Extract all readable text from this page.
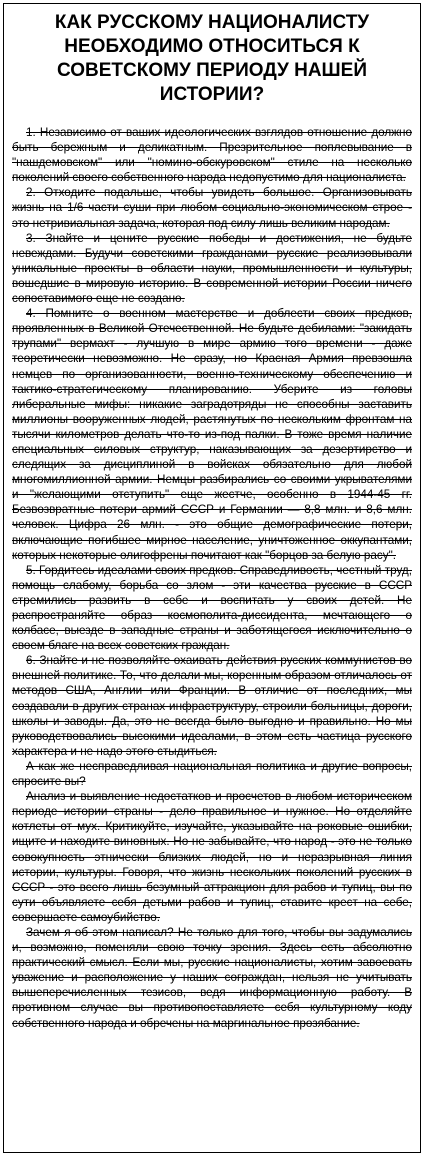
КАК РУССКОМУ НАЦИОНАЛИСТУ НЕОБХОДИМО ОТНОСИТЬСЯ К СОВЕТСКОМУ ПЕРИОДУ НАШЕЙ ИСТОРИИ?

1. Независимо от ваших идеологических взглядов отношение должно быть бережным и деликатным. Презрительное поплевывание в "нашдемовском" или "номино-обскуровском" стиле на несколько поколений своего собственного народа недопустимо для националиста.

2. Отходите подальше, чтобы увидеть большое. Организовывать жизнь на 1/6 части суши при любом социально-экономическом строе - это нетривиальная задача, которая под силу лишь великим народам.

3. Знайте и цените русские победы и достижения, не будьте невеждами. Будучи советскими гражданами русские реализовывали уникальные проекты в области науки, промышленности и культуры, вошедшие в мировую историю. В современной истории России ничего сопоставимого еще не создано.

4. Помните о военном мастерстве и доблести своих предков, проявленных в Великой Отечественной. Не будьте дебилами: "закидать трупами" вермахт - лучшую в мире армию того времени - даже теоретически невозможно. Не сразу, но Красная Армия превзошла немцев по организованности, военно-техническому обеспечению и тактико-стратегическому планированию. Уберите из головы либеральные мифы: никакие заградотряды не способны заставить миллионы вооруженных людей, растянутых по нескольким фронтам на тысячи километров делать что-то из-под палки. В тоже время наличие специальных силовых структур, наказывающих за дезертирство и следящих за дисциплиной в войсках обязательно для любой многомиллионной армии. Немцы разбирались со своими укрывателями и "желающими отступить" еще жестче, особенно в 1944-45 гг. Безвозвратные потери армий СССР и Германии — 8,8 млн. и 8,6 млн. человек. Цифра 26 млн. - это общие демографические потери, включающие погибшее мирное население, уничтоженное оккупантами, которых некоторые олигофрены почитают как "борцов за белую расу".

5. Гордитесь идеалами своих предков. Справедливость, честный труд, помощь слабому, борьба со злом - эти качества русские в СССР стремились развить в себе и воспитать у своих детей. Не распространяйте образ космополита-диссидента, мечтающего о колбасе, выезде в западные страны и заботящегося исключительно о своем благе на всех советских граждан.

6. Знайте и не позволяйте охаивать действия русских коммунистов во внешней политике. То, что делали мы, коренным образом отличалось от методов США, Англии или Франции. В отличие от последних, мы создавали в других странах инфраструктуру, строили больницы, дороги, школы и заводы. Да, это не всегда было выгодно и правильно. Но мы руководствовались высокими идеалами, в этом есть частица русского характера и не надо этого стыдиться.

А как же несправедливая национальная политика и другие вопросы, спросите вы?

Анализ и выявление недостатков и просчетов в любом историческом периоде истории страны - дело правильное и нужное. Но отделяйте котлеты от мух. Критикуйте, изучайте, указывайте на роковые ошибки, ищите и находите виновных. Но не забывайте, что народ - это не только совокупность этнически близких людей, но и неразрывная линия истории, культуры. Говоря, что жизнь нескольких поколений русских в СССР - это всего лишь безумный аттракцион для рабов и тупиц, вы по сути объявляете себя детьми рабов и тупиц, ставите крест на себе, совершаете самоубийство.

Зачем я об этом написал? Не только для того, чтобы вы задумались и, возможно, поменяли свою точку зрения. Здесь есть абсолютно практический смысл. Если мы, русские националисты, хотим завоевать уважение и расположение у наших сограждан, нельзя не учитывать вышеперечисленных тезисов, ведя информационную работу. В противном случае вы противопоставляете себя культурному коду собственного народа и обречены на маргинальное прозябание.
